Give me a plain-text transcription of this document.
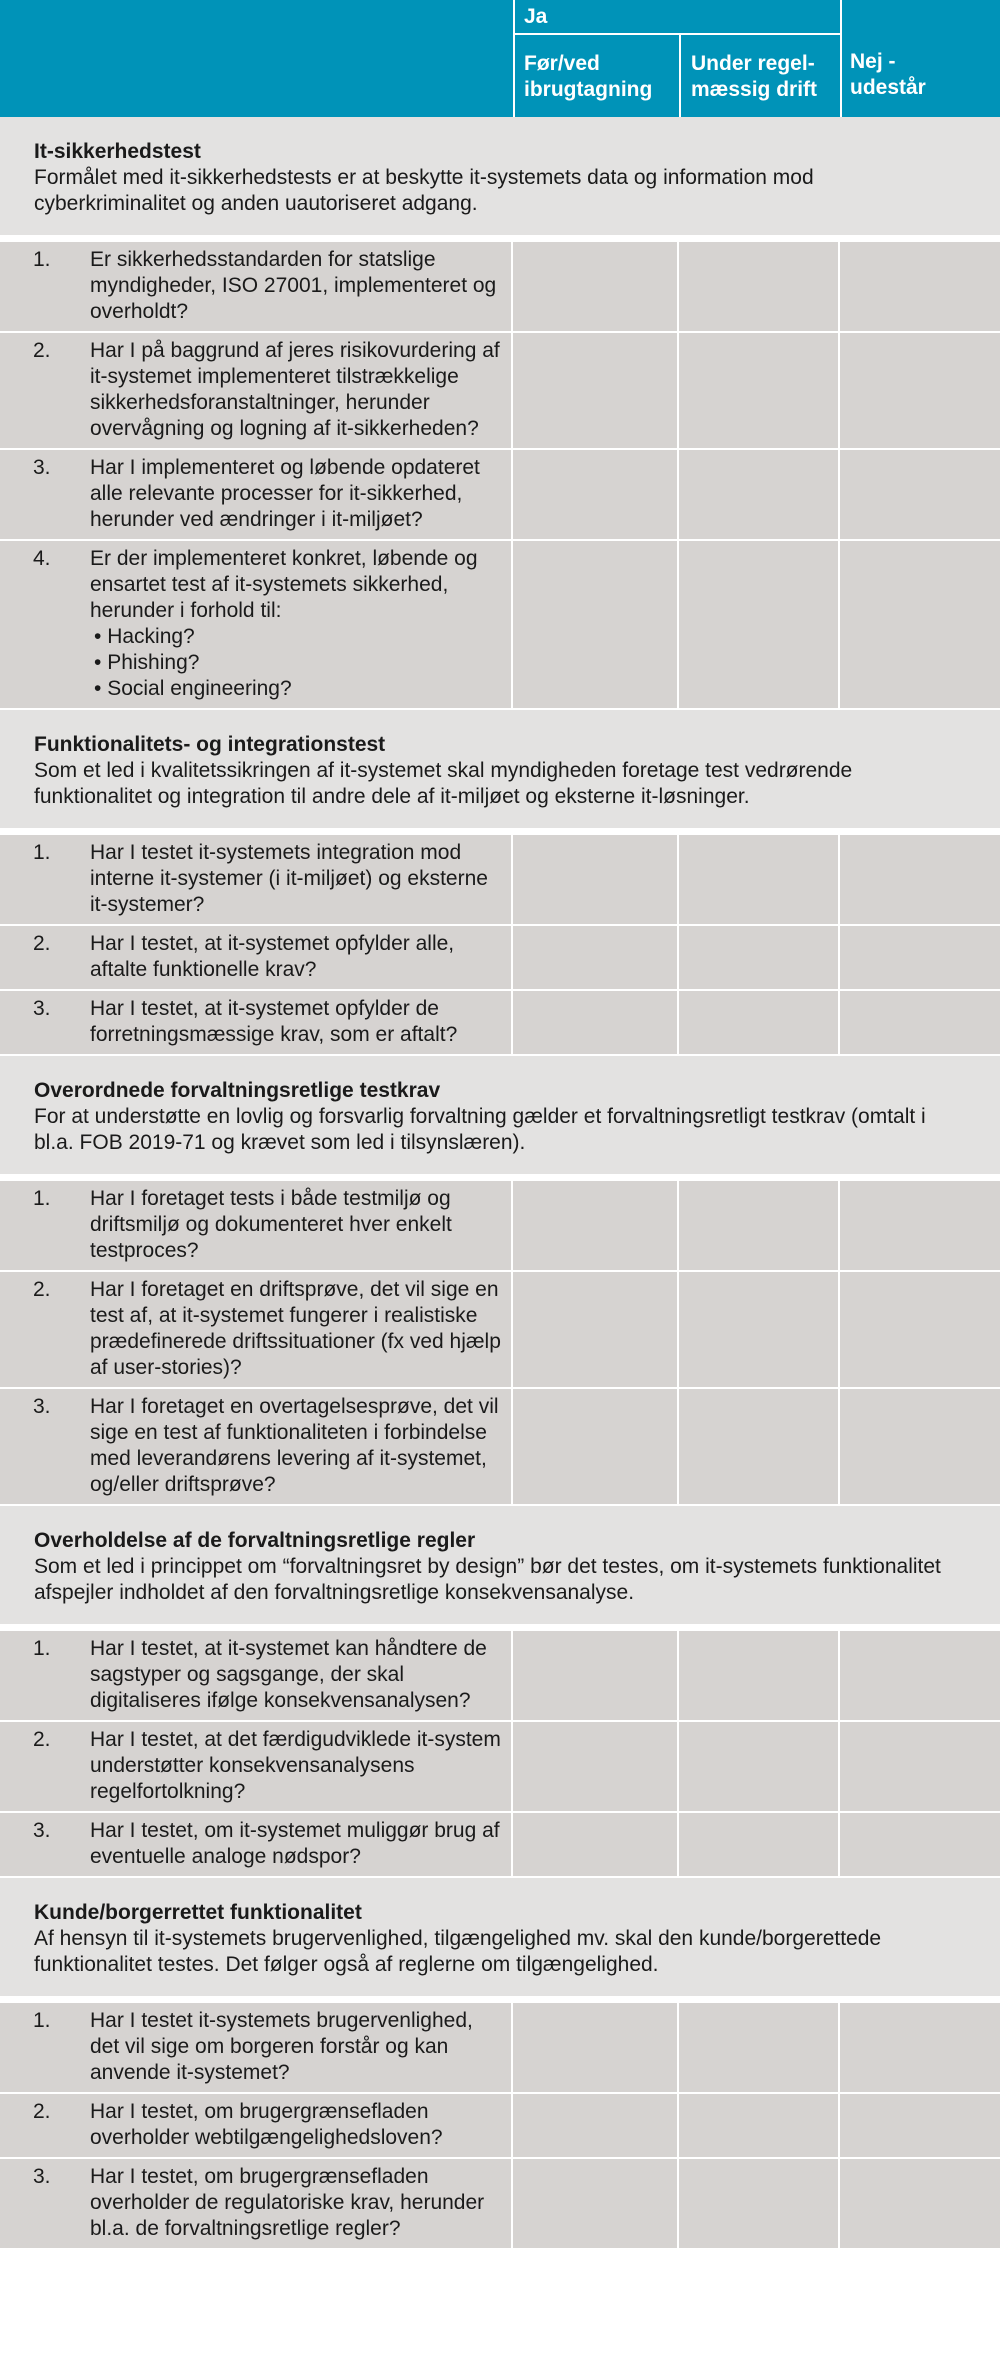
Ja
Før/ved ibrugtagning
Under regel- mæssig drift
Nej - udestår
It-sikkerhedstest

Formålet med it-sikkerhedstests er at beskytte it-systemets data og information mod cyberkriminalitet og anden uautoriseret adgang.

1.	Er sikkerhedsstandarden for statslige myndigheder, ISO 27001, implementeret og overholdt?
2.	Har I på baggrund af jeres risikovurdering af it-systemet implementeret tilstrækkelige sikkerhedsforanstaltninger, herunder overvågning og logning af it-sikkerheden?
3.	Har I implementeret og løbende opdateret alle relevante processer for it-sikkerhed, herunder ved ændringer i it-miljøet?
4.	Er der implementeret konkret, løbende og ensartet test af it-systemets sikkerhed, herunder i forhold til:
• Hacking?
• Phishing?
• Social engineering?
Funktionalitets- og integrationstest

Som et led i kvalitetssikringen af it-systemet skal myndigheden foretage test vedrørende funktionalitet og integration til andre dele af it-miljøet og eksterne it-løsninger.

1.	Har I testet it-systemets integration mod interne it-systemer (i it-miljøet) og eksterne it-systemer?
2.	Har I testet, at it-systemet opfylder alle, aftalte funktionelle krav?
3.	Har I testet, at it-systemet opfylder de forretningsmæssige krav, som er aftalt?
Overordnede forvaltningsretlige testkrav

For at understøtte en lovlig og forsvarlig forvaltning gælder et forvaltningsretligt testkrav (omtalt i bl.a. FOB 2019-71 og krævet som led i tilsynslæren).

1.	Har I foretaget tests i både testmiljø og driftsmiljø og dokumenteret hver enkelt testproces?
2.	Har I foretaget en driftsprøve, det vil sige en test af, at it-systemet fungerer i realistiske prædefinerede driftssituationer (fx ved hjælp af user-stories)?
3.	Har I foretaget en overtagelsesprøve, det vil sige en test af funktionaliteten i forbindelse med leverandørens levering af it-systemet, og/eller driftsprøve?
Overholdelse af de forvaltningsretlige regler

Som et led i princippet om “forvaltningsret by design” bør det testes, om it-systemets funktionalitet afspejler indholdet af den forvaltningsretlige konsekvensanalyse.

1.	Har I testet, at it-systemet kan håndtere de sagstyper og sagsgange, der skal digitaliseres ifølge konsekvensanalysen?
2.	Har I testet, at det færdigudviklede it-system understøtter konsekvensanalysens regelfortolkning?
3.	Har I testet, om it-systemet muliggør brug af eventuelle analoge nødspor?
Kunde/borgerrettet funktionalitet

Af hensyn til it-systemets brugervenlighed, tilgængelighed mv. skal den kunde/borgerettede funktionalitet testes. Det følger også af reglerne om tilgængelighed.

1.	Har I testet it-systemets brugervenlighed, det vil sige om borgeren forstår og kan anvende it-systemet?
2.	Har I testet, om brugergrænsefladen overholder webtilgængelighedsloven?
3.	Har I testet, om brugergrænsefladen overholder de regulatoriske krav, herunder bl.a. de forvaltningsretlige regler?
